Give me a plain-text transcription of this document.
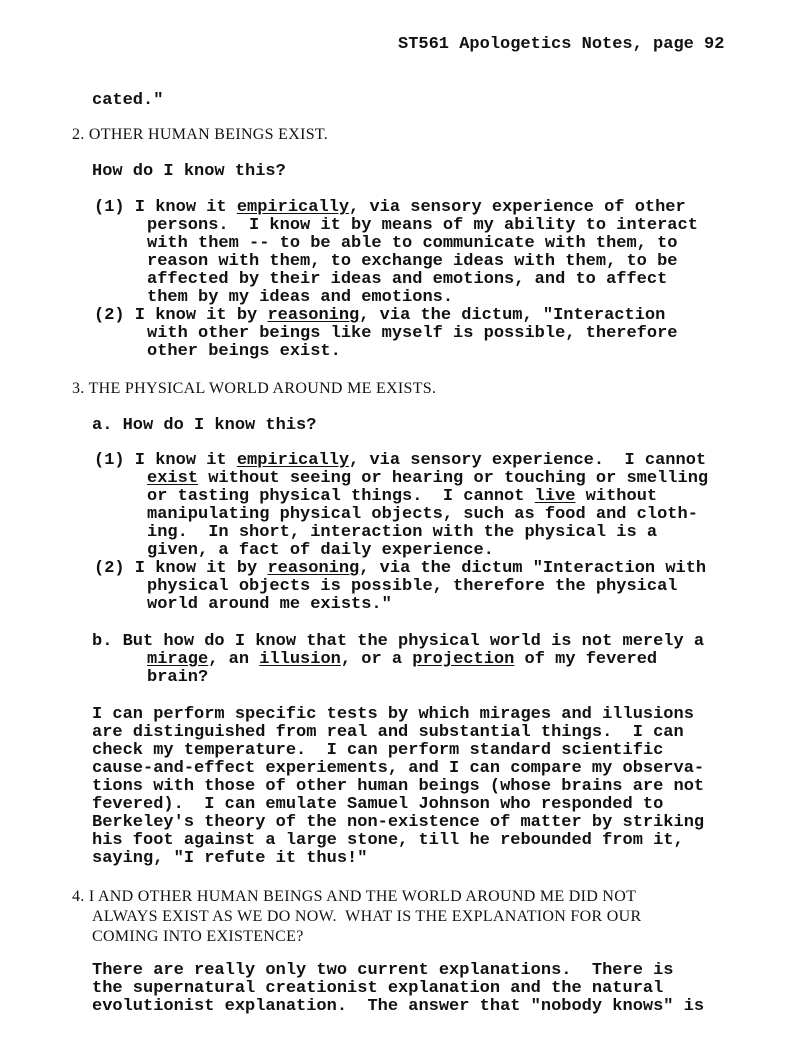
ST561 Apologetics Notes, page 92
cated."
2. OTHER HUMAN BEINGS EXIST.
How do I know this?
(1) I know it empirically, via sensory experience of other
persons.  I know it by means of my ability to interact
with them -- to be able to communicate with them, to
reason with them, to exchange ideas with them, to be
affected by their ideas and emotions, and to affect
them by my ideas and emotions.
(2) I know it by reasoning, via the dictum, "Interaction
with other beings like myself is possible, therefore
other beings exist.
3. THE PHYSICAL WORLD AROUND ME EXISTS.
a. How do I know this?
(1) I know it empirically, via sensory experience.  I cannot
exist without seeing or hearing or touching or smelling
or tasting physical things.  I cannot live without
manipulating physical objects, such as food and cloth-
ing.  In short, interaction with the physical is a
given, a fact of daily experience.
(2) I know it by reasoning, via the dictum "Interaction with
physical objects is possible, therefore the physical
world around me exists."
b. But how do I know that the physical world is not merely a
mirage, an illusion, or a projection of my fevered
brain?
I can perform specific tests by which mirages and illusions
are distinguished from real and substantial things.  I can
check my temperature.  I can perform standard scientific
cause-and-effect experiements, and I can compare my observa-
tions with those of other human beings (whose brains are not
fevered).  I can emulate Samuel Johnson who responded to
Berkeley's theory of the non-existence of matter by striking
his foot against a large stone, till he rebounded from it,
saying, "I refute it thus!"
4. I AND OTHER HUMAN BEINGS AND THE WORLD AROUND ME DID NOT
ALWAYS EXIST AS WE DO NOW.  WHAT IS THE EXPLANATION FOR OUR
COMING INTO EXISTENCE?
There are really only two current explanations.  There is
the supernatural creationist explanation and the natural
evolutionist explanation.  The answer that "nobody knows" is
